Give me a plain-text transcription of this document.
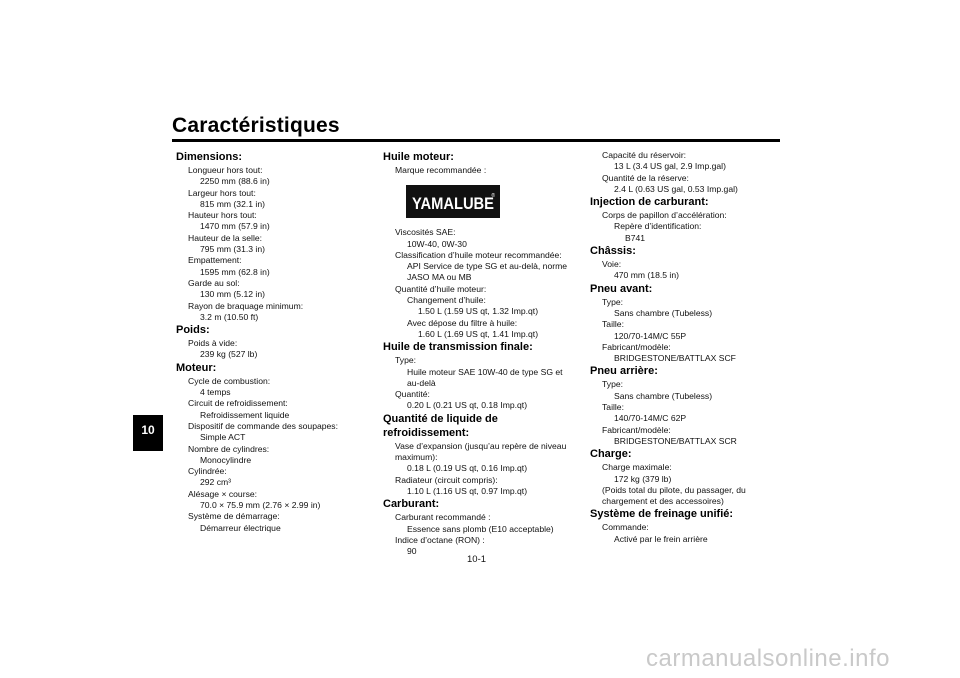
Caractéristiques
10
Dimensions:
Longueur hors tout:
2250 mm (88.6 in)
Largeur hors tout:
815 mm (32.1 in)
Hauteur hors tout:
1470 mm (57.9 in)
Hauteur de la selle:
795 mm (31.3 in)
Empattement:
1595 mm (62.8 in)
Garde au sol:
130 mm (5.12 in)
Rayon de braquage minimum:
3.2 m (10.50 ft)
Poids:
Poids à vide:
239 kg (527 lb)
Moteur:
Cycle de combustion:
4 temps
Circuit de refroidissement:
Refroidissement liquide
Dispositif de commande des soupapes:
Simple ACT
Nombre de cylindres:
Monocylindre
Cylindrée:
292 cm³
Alésage × course:
70.0 × 75.9 mm (2.76 × 2.99 in)
Système de démarrage:
Démarreur électrique
Huile moteur:
Marque recommandée :
YAMALUBE
®
Viscosités SAE:
10W-40, 0W-30
Classification d’huile moteur recommandée:
API Service de type SG et au-delà, norme
JASO MA ou MB
Quantité d’huile moteur:
Changement d’huile:
1.50 L (1.59 US qt, 1.32 Imp.qt)
Avec dépose du filtre à huile:
1.60 L (1.69 US qt, 1.41 Imp.qt)
Huile de transmission finale:
Type:
Huile moteur SAE 10W-40 de type SG et
au-delà
Quantité:
0.20 L (0.21 US qt, 0.18 Imp.qt)
Quantité de liquide de refroidissement:
Vase d’expansion (jusqu’au repère de niveau
maximum):
0.18 L (0.19 US qt, 0.16 Imp.qt)
Radiateur (circuit compris):
1.10 L (1.16 US qt, 0.97 Imp.qt)
Carburant:
Carburant recommandé :
Essence sans plomb (E10 acceptable)
Indice d’octane (RON) :
90
Capacité du réservoir:
13 L (3.4 US gal, 2.9 Imp.gal)
Quantité de la réserve:
2.4 L (0.63 US gal, 0.53 Imp.gal)
Injection de carburant:
Corps de papillon d’accélération:
Repère d’identification:
B741
Châssis:
Voie:
470 mm (18.5 in)
Pneu avant:
Type:
Sans chambre (Tubeless)
Taille:
120/70-14M/C 55P
Fabricant/modèle:
BRIDGESTONE/BATTLAX SCF
Pneu arrière:
Type:
Sans chambre (Tubeless)
Taille:
140/70-14M/C 62P
Fabricant/modèle:
BRIDGESTONE/BATTLAX SCR
Charge:
Charge maximale:
172 kg (379 lb)
(Poids total du pilote, du passager, du
chargement et des accessoires)
Système de freinage unifié:
Commande:
Activé par le frein arrière
10-1
carmanualsonline.info
